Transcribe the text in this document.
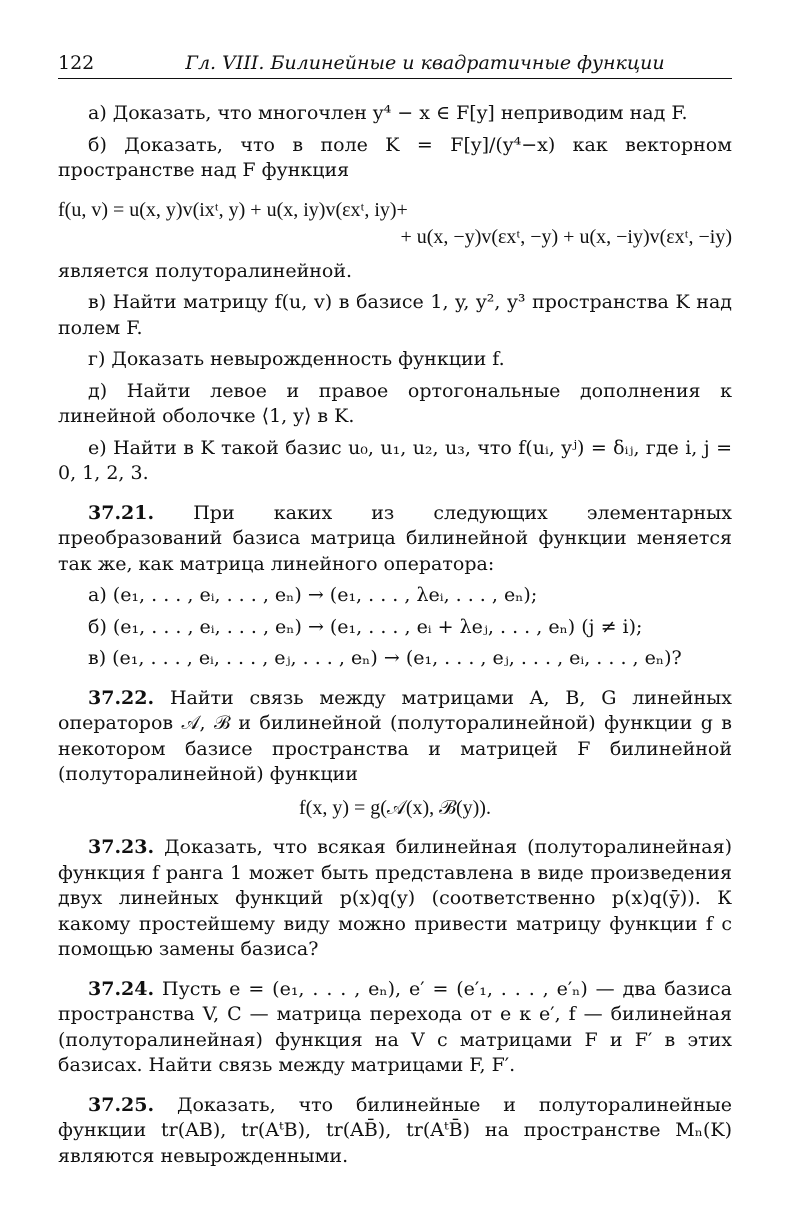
122	Гл. VIII. Билинейные и квадратичные функции

а) Доказать, что многочлен y⁴ − x ∈ F[y] неприводим над F.

б) Доказать, что в поле K = F[y]/(y⁴−x) как векторном пространстве над F функция

f(u, v) = u(x, y)v(ixᵗ, y) + u(x, iy)v(εxᵗ, iy)+
+ u(x, −y)v(εxᵗ, −y) + u(x, −iy)v(εxᵗ, −iy)

является полуторалинейной.

в) Найти матрицу f(u, v) в базисе 1, y, y², y³ пространства K над полем F.

г) Доказать невырожденность функции f.

д) Найти левое и правое ортогональные дополнения к линейной оболочке ⟨1, y⟩ в K.

е) Найти в K такой базис u₀, u₁, u₂, u₃, что f(uᵢ, yʲ) = δᵢⱼ, где i, j = 0, 1, 2, 3.

37.21. При каких из следующих элементарных преобразований базиса матрица билинейной функции меняется так же, как матрица линейного оператора:

а) (e₁, . . . , eᵢ, . . . , eₙ) → (e₁, . . . , λeᵢ, . . . , eₙ);

б) (e₁, . . . , eᵢ, . . . , eₙ) → (e₁, . . . , eᵢ + λeⱼ, . . . , eₙ) (j ≠ i);

в) (e₁, . . . , eᵢ, . . . , eⱼ, . . . , eₙ) → (e₁, . . . , eⱼ, . . . , eᵢ, . . . , eₙ)?

37.22. Найти связь между матрицами A, B, G линейных операторов 𝒜, ℬ и билинейной (полуторалинейной) функции g в некотором базисе пространства и матрицей F билинейной (полуторалинейной) функции

f(x, y) = g(𝒜(x), ℬ(y)).

37.23. Доказать, что всякая билинейная (полуторалинейная) функция f ранга 1 может быть представлена в виде произведения двух линейных функций p(x)q(y) (соответственно p(x)q(ȳ)). К какому простейшему виду можно привести матрицу функции f с помощью замены базиса?

37.24. Пусть e = (e₁, . . . , eₙ), e′ = (e′₁, . . . , e′ₙ) — два базиса пространства V, C — матрица перехода от e к e′, f — билинейная (полуторалинейная) функция на V с матрицами F и F′ в этих базисах. Найти связь между матрицами F, F′.

37.25. Доказать, что билинейные и полуторалинейные функции tr(AB), tr(AᵗB), tr(AB̄), tr(AᵗB̄) на пространстве Mₙ(K) являются невырожденными.
